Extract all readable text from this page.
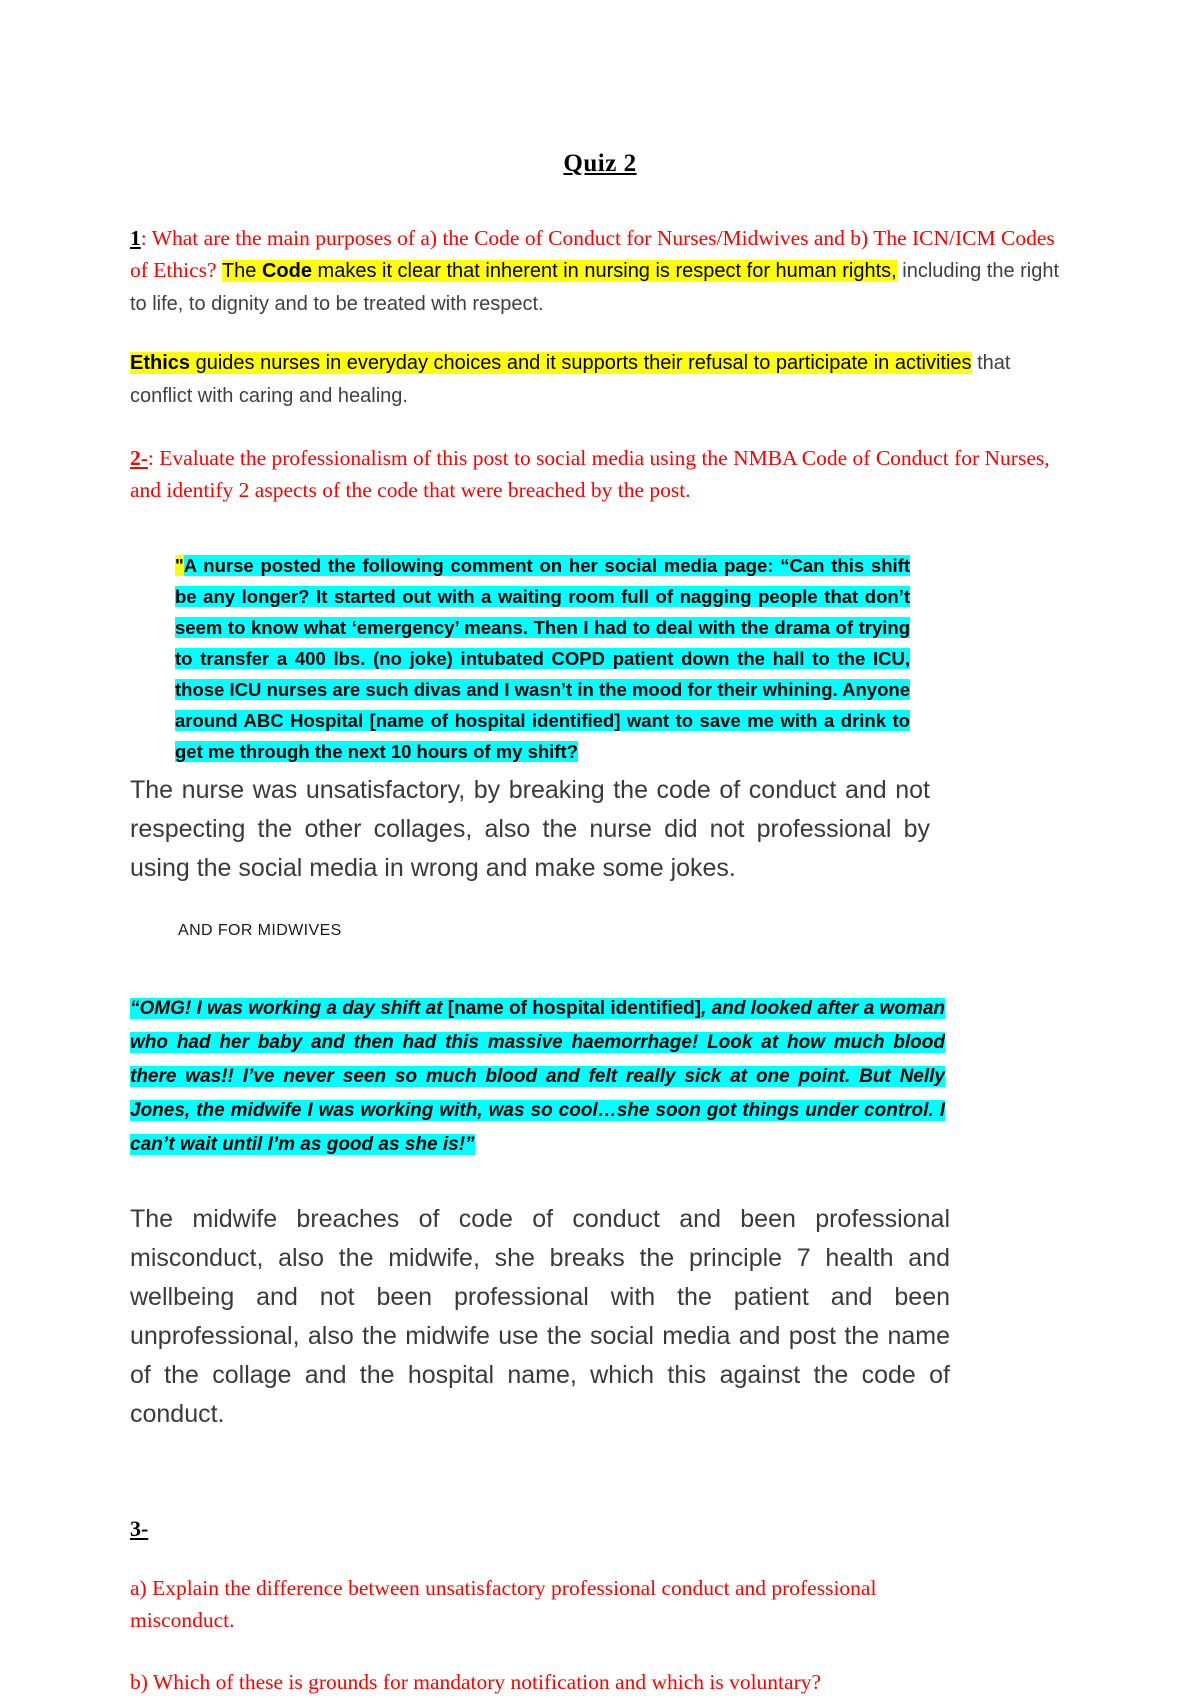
Quiz 2

1: What are the main purposes of a) the Code of Conduct for Nurses/Midwives and b) The ICN/ICM Codes of Ethics? The Code makes it clear that inherent in nursing is respect for human rights, including the right to life, to dignity and to be treated with respect.

Ethics guides nurses in everyday choices and it supports their refusal to participate in activities that conflict with caring and healing.

2-: Evaluate the professionalism of this post to social media using the NMBA Code of Conduct for Nurses, and identify 2 aspects of the code that were breached by the post.

"A nurse posted the following comment on her social media page: “Can this shift be any longer? It started out with a waiting room full of nagging people that don’t seem to know what ‘emergency’ means. Then I had to deal with the drama of trying to transfer a 400 lbs. (no joke) intubated COPD patient down the hall to the ICU, those ICU nurses are such divas and I wasn’t in the mood for their whining. Anyone around ABC Hospital [name of hospital identified] want to save me with a drink to get me through the next 10 hours of my shift?

The nurse was unsatisfactory, by breaking the code of conduct and not respecting the other collages, also the nurse did not professional by using the social media in wrong and make some jokes.

AND FOR MIDWIVES

“OMG! I was working a day shift at [name of hospital identified], and looked after a woman who had her baby and then had this massive haemorrhage! Look at how much blood there was!! I’ve never seen so much blood and felt really sick at one point. But Nelly Jones, the midwife I was working with, was so cool…she soon got things under control. I can’t wait until I’m as good as she is!”

The midwife breaches of code of conduct and been professional misconduct, also the midwife, she breaks the principle 7 health and wellbeing and not been professional with the patient and been unprofessional, also the midwife use the social media and post the name of the collage and the hospital name, which this against the code of conduct.

3-

a) Explain the difference between unsatisfactory professional conduct and professional misconduct.

b) Which of these is grounds for mandatory notification and which is voluntary?
